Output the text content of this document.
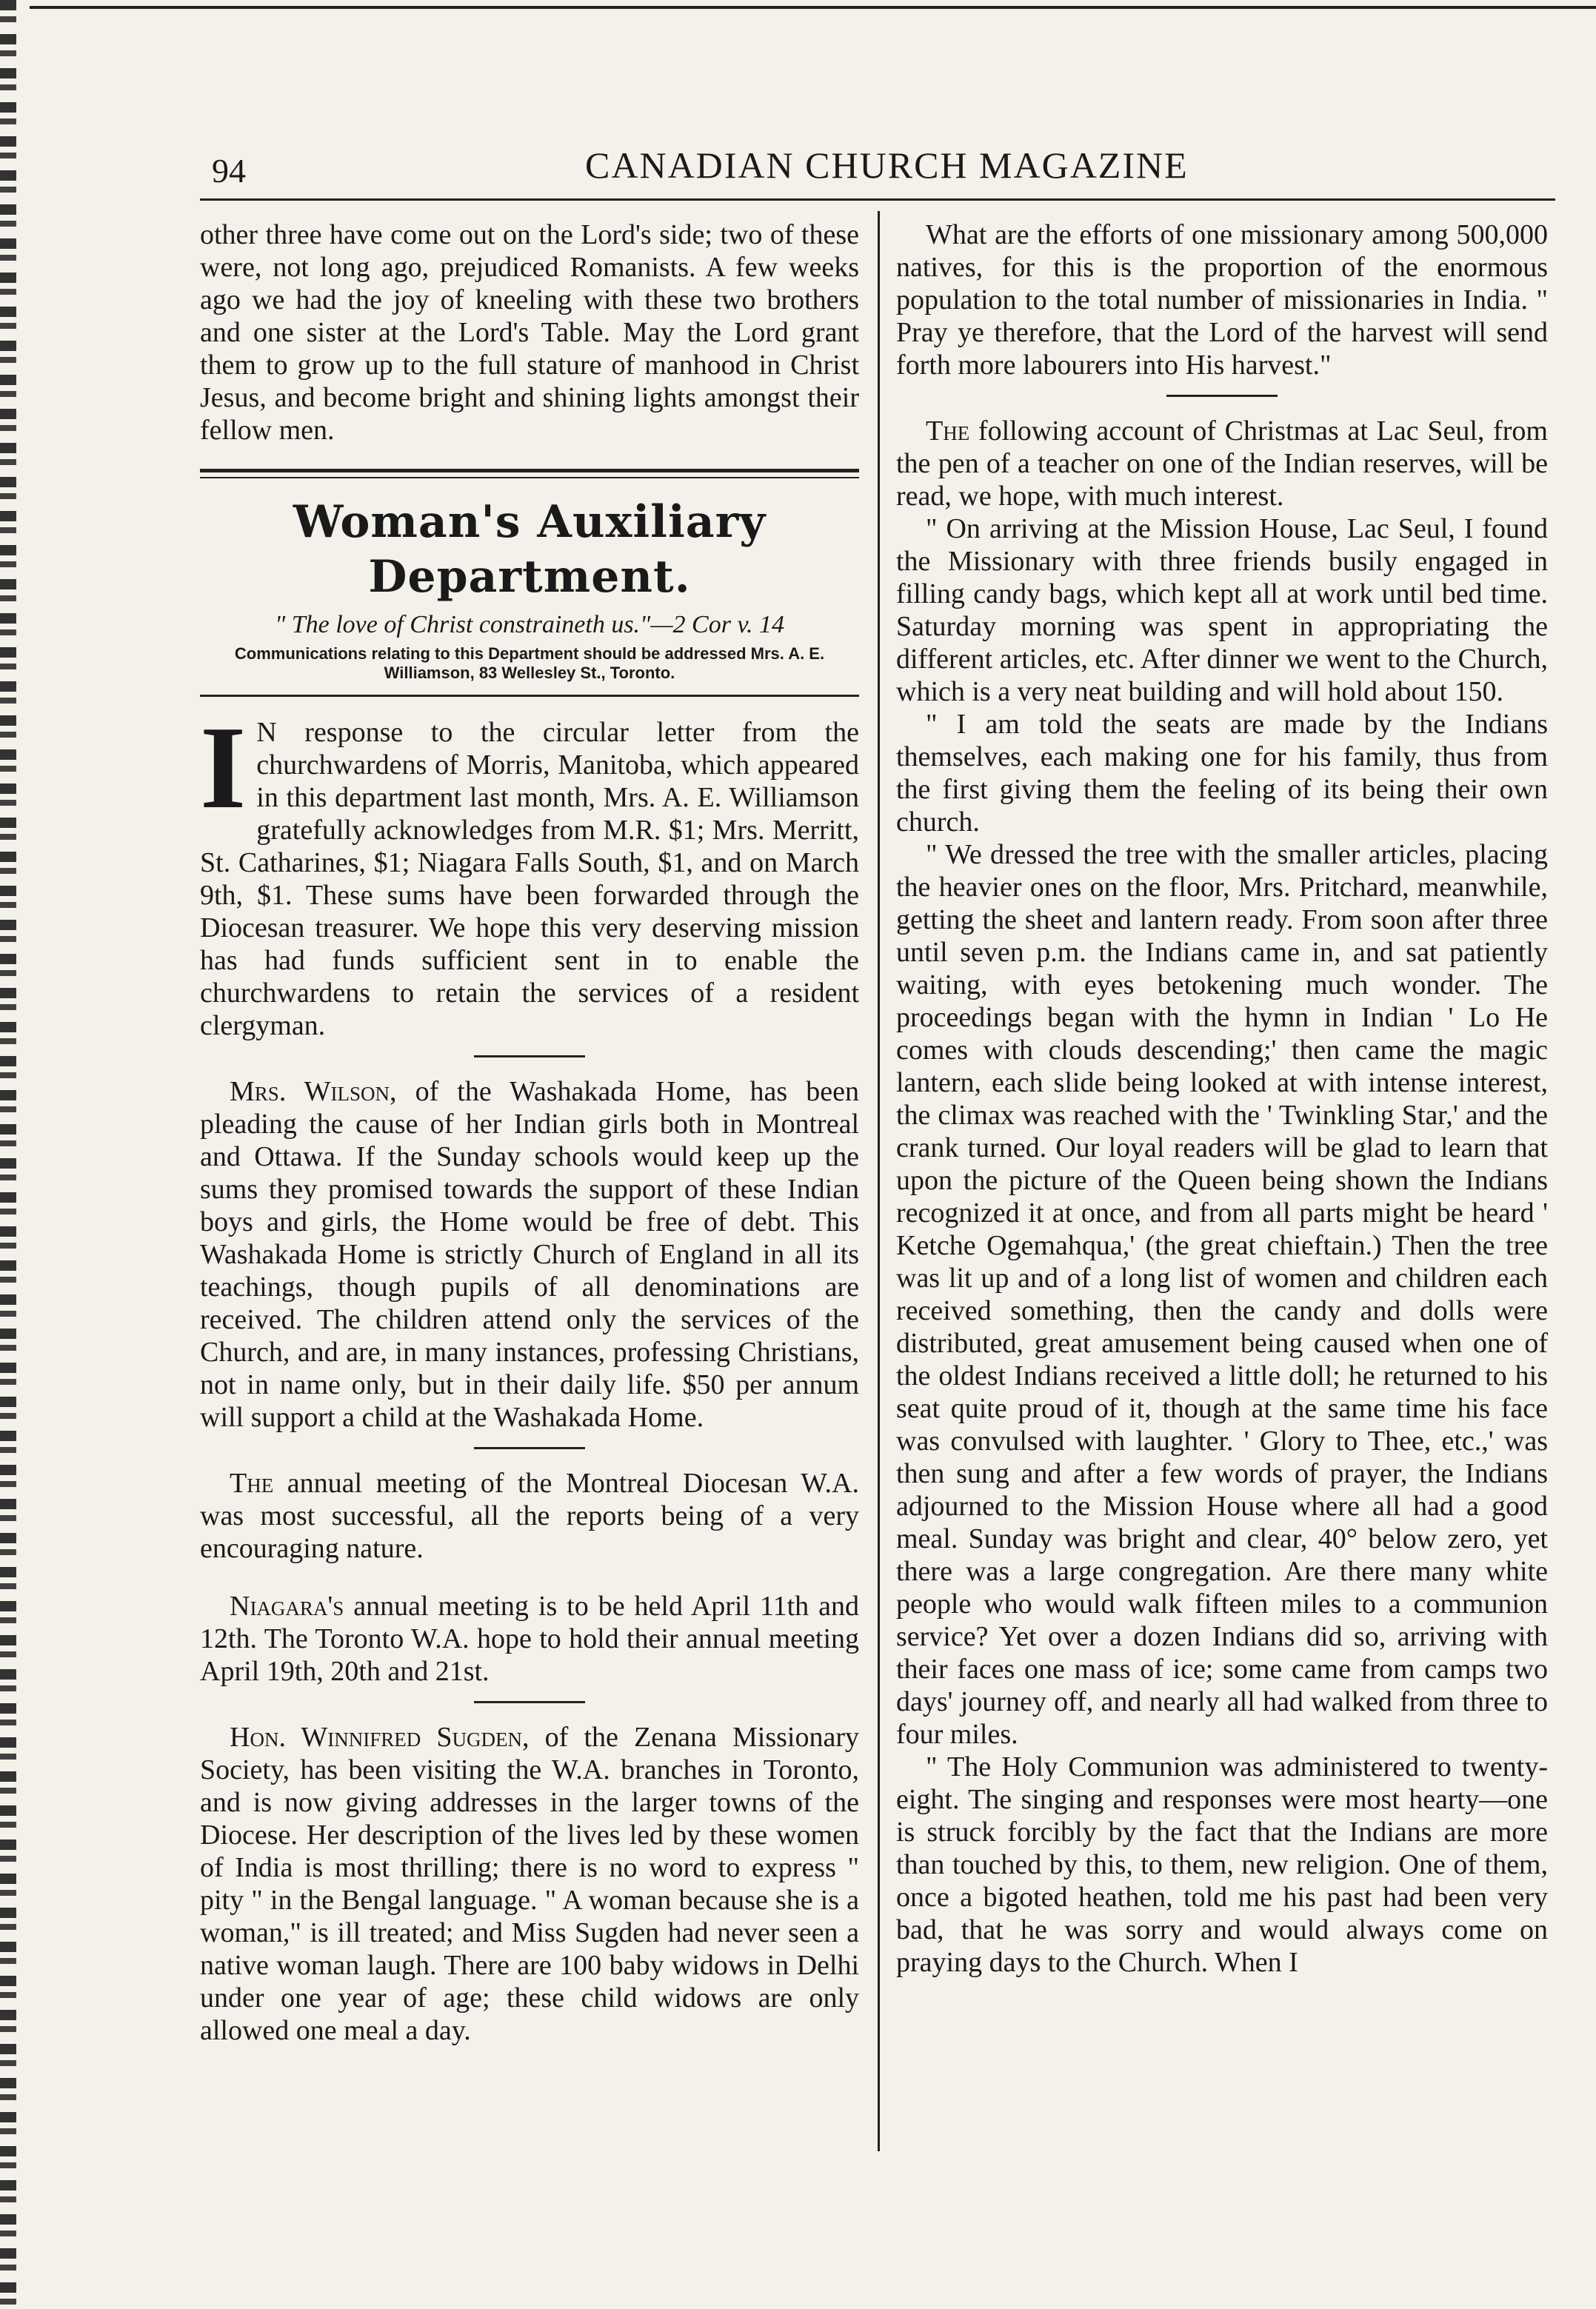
94	CANADIAN CHURCH MAGAZINE

other three have come out on the Lord's side; two of these were, not long ago, prejudiced Romanists. A few weeks ago we had the joy of kneeling with these two brothers and one sister at the Lord's Table. May the Lord grant them to grow up to the full stature of manhood in Christ Jesus, and become bright and shining lights amongst their fellow men.

Woman's Auxiliary Department.
" The love of Christ constraineth us."—2 Cor v. 14
Communications relating to this Department should be addressed Mrs. A. E. Williamson, 83 Wellesley St., Toronto.

I N response to the circular letter from the churchwardens of Morris, Manitoba, which appeared in this department last month, Mrs. A. E. Williamson gratefully acknowledges from M.R. $1; Mrs. Merritt, St. Catharines, $1; Niagara Falls South, $1, and on March 9th, $1. These sums have been forwarded through the Diocesan treasurer. We hope this very deserving mission has had funds sufficient sent in to enable the churchwardens to retain the services of a resident clergyman.

Mrs. Wilson, of the Washakada Home, has been pleading the cause of her Indian girls both in Montreal and Ottawa. If the Sunday schools would keep up the sums they promised towards the support of these Indian boys and girls, the Home would be free of debt. This Washakada Home is strictly Church of England in all its teachings, though pupils of all denominations are received. The children attend only the services of the Church, and are, in many instances, professing Christians, not in name only, but in their daily life. $50 per annum will support a child at the Washakada Home.

The annual meeting of the Montreal Diocesan W.A. was most successful, all the reports being of a very encouraging nature.

Niagara's annual meeting is to be held April 11th and 12th. The Toronto W.A. hope to hold their annual meeting April 19th, 20th and 21st.

Hon. Winnifred Sugden, of the Zenana Missionary Society, has been visiting the W.A. branches in Toronto, and is now giving addresses in the larger towns of the Diocese. Her description of the lives led by these women of India is most thrilling; there is no word to express " pity " in the Bengal language. " A woman because she is a woman," is ill treated; and Miss Sugden had never seen a native woman laugh. There are 100 baby widows in Delhi under one year of age; these child widows are only allowed one meal a day.

What are the efforts of one missionary among 500,000 natives, for this is the proportion of the enormous population to the total number of missionaries in India. " Pray ye therefore, that the Lord of the harvest will send forth more labourers into His harvest."

The following account of Christmas at Lac Seul, from the pen of a teacher on one of the Indian reserves, will be read, we hope, with much interest.

" On arriving at the Mission House, Lac Seul, I found the Missionary with three friends busily engaged in filling candy bags, which kept all at work until bed time. Saturday morning was spent in appropriating the different articles, etc. After dinner we went to the Church, which is a very neat building and will hold about 150.

" I am told the seats are made by the Indians themselves, each making one for his family, thus from the first giving them the feeling of its being their own church.

" We dressed the tree with the smaller articles, placing the heavier ones on the floor, Mrs. Pritchard, meanwhile, getting the sheet and lantern ready. From soon after three until seven p.m. the Indians came in, and sat patiently waiting, with eyes betokening much wonder. The proceedings began with the hymn in Indian ' Lo He comes with clouds descending;' then came the magic lantern, each slide being looked at with intense interest, the climax was reached with the ' Twinkling Star,' and the crank turned. Our loyal readers will be glad to learn that upon the picture of the Queen being shown the Indians recognized it at once, and from all parts might be heard ' Ketche Ogemahqua,' (the great chieftain.) Then the tree was lit up and of a long list of women and children each received something, then the candy and dolls were distributed, great amusement being caused when one of the oldest Indians received a little doll; he returned to his seat quite proud of it, though at the same time his face was convulsed with laughter. ' Glory to Thee, etc.,' was then sung and after a few words of prayer, the Indians adjourned to the Mission House where all had a good meal. Sunday was bright and clear, 40° below zero, yet there was a large congregation. Are there many white people who would walk fifteen miles to a communion service? Yet over a dozen Indians did so, arriving with their faces one mass of ice; some came from camps two days' journey off, and nearly all had walked from three to four miles.

" The Holy Communion was administered to twenty-eight. The singing and responses were most hearty—one is struck forcibly by the fact that the Indians are more than touched by this, to them, new religion. One of them, once a bigoted heathen, told me his past had been very bad, that he was sorry and would always come on praying days to the Church. When I
